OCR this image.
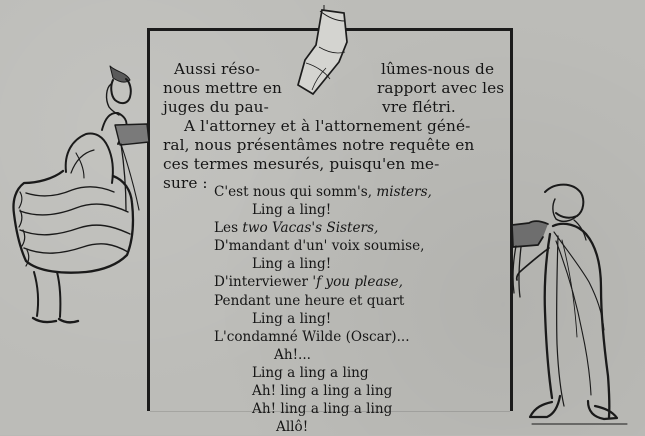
Aussi réso-	lûmes-nous de
nous mettre en	rapport avec les
juges du pau-	vre flétri.
A l'attorney et à l'attornement géné-
ral, nous présentâmes notre requête en
ces termes mesurés, puisqu'en me-
sure : C'est nous qui somm's, misters,
Ling a ling!
Les two Vacas's Sisters,
D'mandant d'un' voix soumise,
Ling a ling!
D'interviewer 'f you please,
Pendant une heure et quart
Ling a ling!
L'condamné Wilde (Oscar)...
Ah!...
Ling a ling a ling
Ah! ling a ling a ling
Ah! ling a ling a ling
Allô!
